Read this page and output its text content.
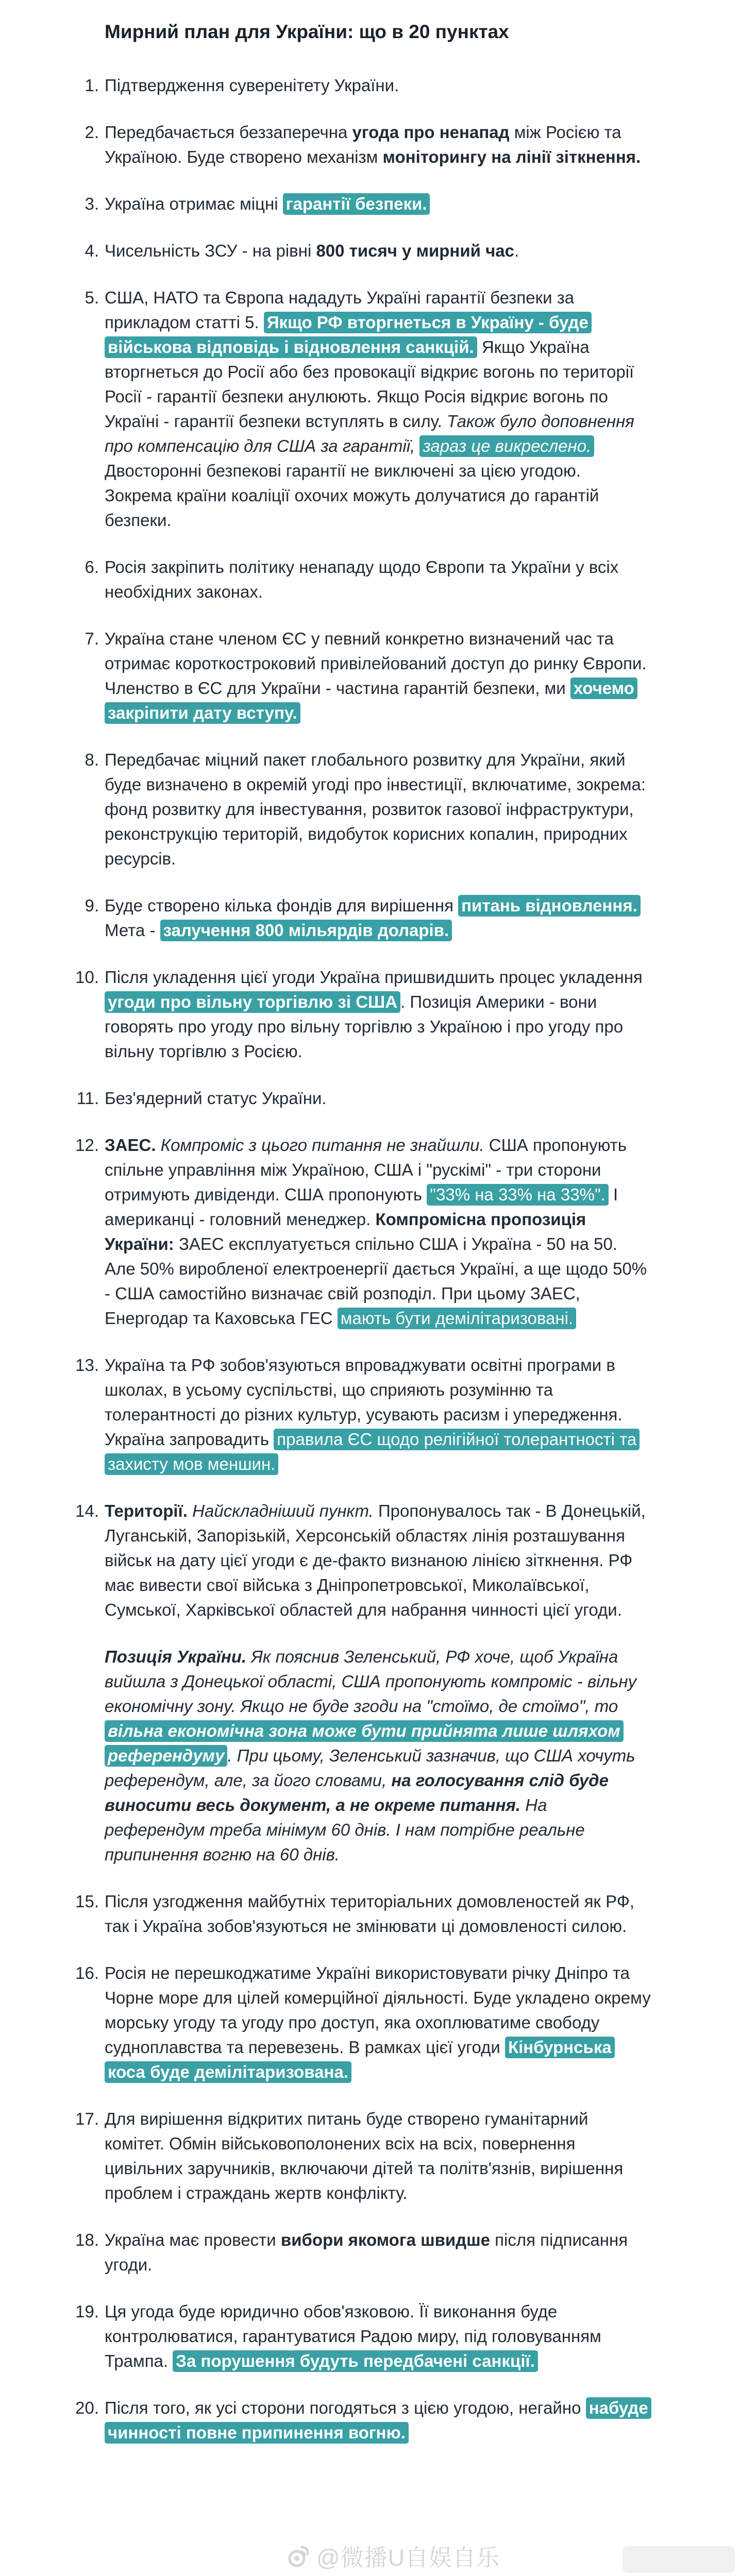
Мирний план для України: що в 20 пунктах
1. Підтвердження суверенітету України.
2. Передбачається беззаперечна угода про ненапад між Росією та Україною. Буде створено механізм моніторингу на лінії зіткнення.
3. Україна отримає міцні гарантії безпеки.
4. Чисельність ЗСУ - на рівні 800 тисяч у мирний час.
5. США, НАТО та Європа нададуть Україні гарантії безпеки за прикладом статті 5. Якщо РФ вторгнеться в Україну - буде військова відповідь і відновлення санкцій. Якщо Україна вторгнеться до Росії або без провокації відкриє вогонь по території Росії - гарантії безпеки анулюють. Якщо Росія відкриє вогонь по Україні - гарантії безпеки вступлять в силу. Також було доповнення про компенсацію для США за гарантії, зараз це викреслено. Двосторонні безпекові гарантії не виключені за цією угодою. Зокрема країни коаліції охочих можуть долучатися до гарантій безпеки.
6. Росія закріпить політику ненападу щодо Європи та України у всіх необхідних законах.
7. Україна стане членом ЄС у певний конкретно визначений час та отримає короткостроковий привілейований доступ до ринку Європи. Членство в ЄС для України - частина гарантій безпеки, ми хочемо закріпити дату вступу.
8. Передбачає міцний пакет глобального розвитку для України, який буде визначено в окремій угоді про інвестиції, включатиме, зокрема: фонд розвитку для інвестування, розвиток газової інфраструктури, реконструкцію територій, видобуток корисних копалин, природних ресурсів.
9. Буде створено кілька фондів для вирішення питань відновлення. Мета - залучення 800 мільярдів доларів.
10. Після укладення цієї угоди Україна пришвидшить процес укладення угоди про вільну торгівлю зі США . Позиція Америки - вони говорять про угоду про вільну торгівлю з Україною і про угоду про вільну торгівлю з Росією.
11. Без'ядерний статус України.
12. ЗАЕС. Компроміс з цього питання не знайшли. США пропонують спільне управління між Україною, США і "рускімі" - три сторони отримують дивіденди. США пропонують "33% на 33% на 33%". І американці - головний менеджер. Компромісна пропозиція України: ЗАЕС експлуатується спільно США і Україна - 50 на 50. Але 50% виробленої електроенергії дається Україні, а ще щодо 50% - США самостійно визначає свій розподіл. При цьому ЗАЕС, Енергодар та Каховська ГЕС мають бути демілітаризовані.
13. Україна та РФ зобов'язуються впроваджувати освітні програми в школах, в усьому суспільстві, що сприяють розумінню та толерантності до різних культур, усувають расизм і упередження. Україна запровадить правила ЄС щодо релігійної толерантності та захисту мов меншин.
14. Території. Найскладніший пункт. Пропонувалось так - В Донецькій, Луганській, Запорізькій, Херсонській областях лінія розташування військ на дату цієї угоди є де-факто визнаною лінією зіткнення. РФ має вивести свої війська з Дніпропетровської, Миколаївської, Сумської, Харківської областей для набрання чинності цієї угоди.
Позиція України. Як пояснив Зеленський, РФ хоче, щоб Україна вийшла з Донецької області, США пропонують компроміс - вільну економічну зону. Якщо не буде згоди на "стоїмо, де стоїмо", то вільна економічна зона може бути прийнята лише шляхом референдуму . При цьому, Зеленський зазначив, що США хочуть референдум, але, за його словами, на голосування слід буде виносити весь документ, а не окреме питання. На референдум треба мінімум 60 днів. І нам потрібне реальне припинення вогню на 60 днів.
15. Після узгодження майбутніх територіальних домовленостей як РФ, так і Україна зобов'язуються не змінювати ці домовленості силою.
16. Росія не перешкоджатиме Україні використовувати річку Дніпро та Чорне море для цілей комерційної діяльності. Буде укладено окрему морську угоду та угоду про доступ, яка охоплюватиме свободу судноплавства та перевезень. В рамках цієї угоди Кінбурнська коса буде демілітаризована.
17. Для вирішення відкритих питань буде створено гуманітарний комітет. Обмін військовополонених всіх на всіх, повернення цивільних заручників, включаючи дітей та політв'язнів, вирішення проблем і страждань жертв конфлікту.
18. Україна має провести вибори якомога швидше після підписання угоди.
19. Ця угода буде юридично обов'язковою. Її виконання буде контролюватися, гарантуватися Радою миру, під головуванням Трампа. За порушення будуть передбачені санкції.
20. Після того, як усі сторони погодяться з цією угодою, негайно набуде чинності повне припинення вогню.
@微播U自娱自乐
